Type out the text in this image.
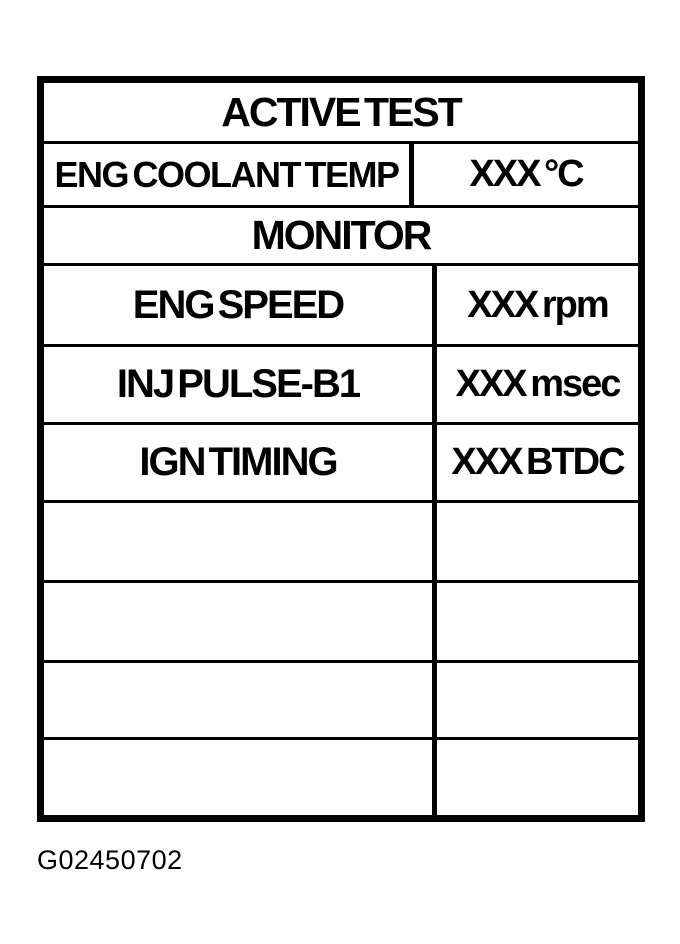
ACTIVE TEST
ENG COOLANT TEMP XXX °C
MONITOR
ENG SPEED	XXX rpm
INJ PULSE-B1	XXX msec
IGN TIMING	XXX BTDC
G02450702
